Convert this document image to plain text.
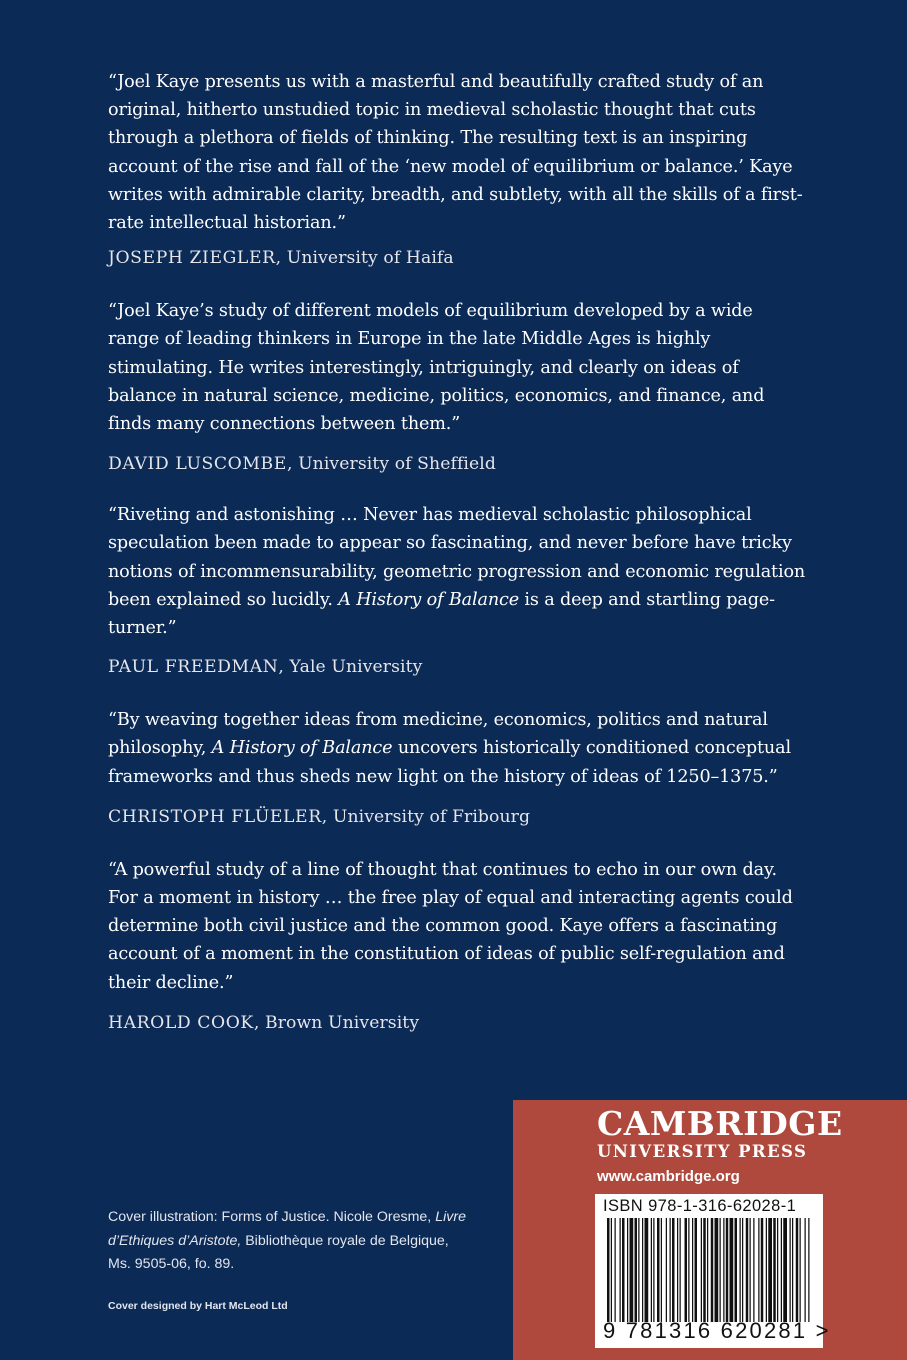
“Joel Kaye presents us with a masterful and beautifully crafted study of an original, hitherto unstudied topic in medieval scholastic thought that cuts through a plethora of fields of thinking. The resulting text is an inspiring account of the rise and fall of the ‘new model of equilibrium or balance.’ Kaye writes with admirable clarity, breadth, and subtlety, with all the skills of a first-rate intellectual historian.”

JOSEPH ZIEGLER, University of Haifa

“Joel Kaye’s study of different models of equilibrium developed by a wide range of leading thinkers in Europe in the late Middle Ages is highly stimulating. He writes interestingly, intriguingly, and clearly on ideas of balance in natural science, medicine, politics, economics, and finance, and finds many connections between them.”

DAVID LUSCOMBE, University of Sheffield

“Riveting and astonishing … Never has medieval scholastic philosophical speculation been made to appear so fascinating, and never before have tricky notions of incommensurability, geometric progression and economic regulation been explained so lucidly. A History of Balance is a deep and startling page-turner.”

PAUL FREEDMAN, Yale University

“By weaving together ideas from medicine, economics, politics and natural philosophy, A History of Balance uncovers historically conditioned conceptual frameworks and thus sheds new light on the history of ideas of 1250–1375.”

CHRISTOPH FLÜELER, University of Fribourg

“A powerful study of a line of thought that continues to echo in our own day. For a moment in history … the free play of equal and interacting agents could determine both civil justice and the common good. Kaye offers a fascinating account of a moment in the constitution of ideas of public self-regulation and their decline.”

HAROLD COOK, Brown University

Cover illustration: Forms of Justice. Nicole Oresme, Livre d’Ethiques d’Aristote, Bibliothèque royale de Belgique, Ms. 9505-06, fo. 89.
Cover designed by Hart McLeod Ltd
CAMBRIDGE
UNIVERSITY PRESS
www.cambridge.org
ISBN 978-1-316-62028-1
9 781316 620281 >
